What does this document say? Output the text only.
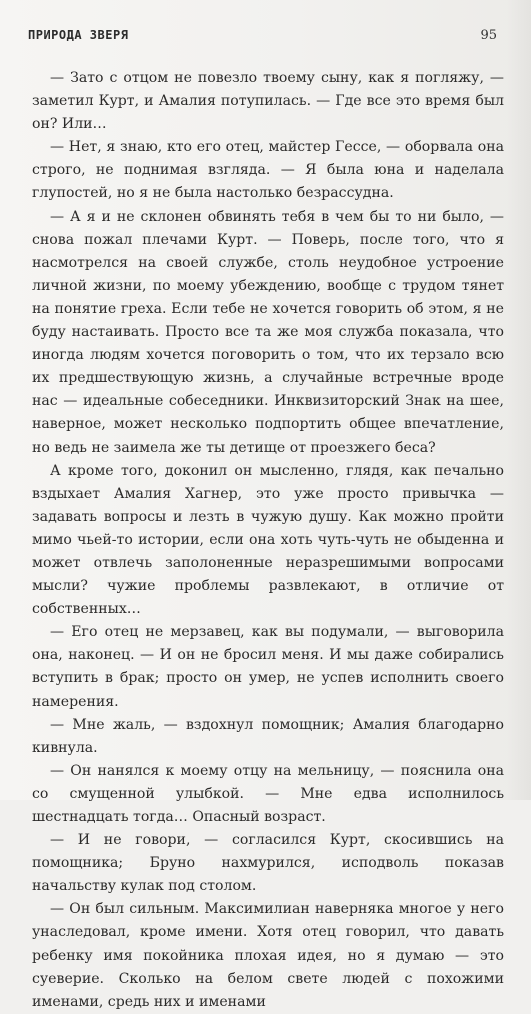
ПРИРОДА ЗВЕРЯ	95

— Зато с отцом не повезло твоему сыну, как я погляжу, — заметил Курт, и Амалия потупилась. — Где все это время был он? Или…

— Нет, я знаю, кто его отец, майстер Гессе, — оборвала она строго, не поднимая взгляда. — Я была юна и наделала глупостей, но я не была настолько безрассудна.

— А я и не склонен обвинять тебя в чем бы то ни было, — снова пожал плечами Курт. — Поверь, после того, что я насмотрелся на своей службе, столь неудобное устроение личной жизни, по моему убеждению, вообще с трудом тянет на понятие греха. Если тебе не хочется говорить об этом, я не буду настаивать. Просто все та же моя служба показала, что иногда людям хочется поговорить о том, что их терзало всю их предшествующую жизнь, а случайные встречные вроде нас — идеальные собеседники. Инквизиторский Знак на шее, наверное, может несколько подпортить общее впечатление, но ведь не заимела же ты детище от проезжего беса?

А кроме того, доконил он мысленно, глядя, как печально вздыхает Амалия Хагнер, это уже просто привычка — задавать вопросы и лезть в чужую душу. Как можно пройти мимо чьей-то истории, если она хоть чуть-чуть не обыденна и может отвлечь заполоненные неразрешимыми вопросами мысли? чужие проблемы развлекают, в отличие от собственных…

— Его отец не мерзавец, как вы подумали, — выговорила она, наконец. — И он не бросил меня. И мы даже собирались вступить в брак; просто он умер, не успев исполнить своего намерения.

— Мне жаль, — вздохнул помощник; Амалия благодарно кивнула.

— Он нанялся к моему отцу на мельницу, — пояснила она со смущенной улыбкой. — Мне едва исполнилось шестнадцать тогда… Опасный возраст.

— И не говори, — согласился Курт, скосившись на помощника; Бруно нахмурился, исподволь показав начальству кулак под столом.

— Он был сильным. Максимилиан наверняка многое у него унаследовал, кроме имени. Хотя отец говорил, что давать ребенку имя покойника плохая идея, но я думаю — это суеверие. Сколько на белом свете людей с похожими именами, средь них и именами
